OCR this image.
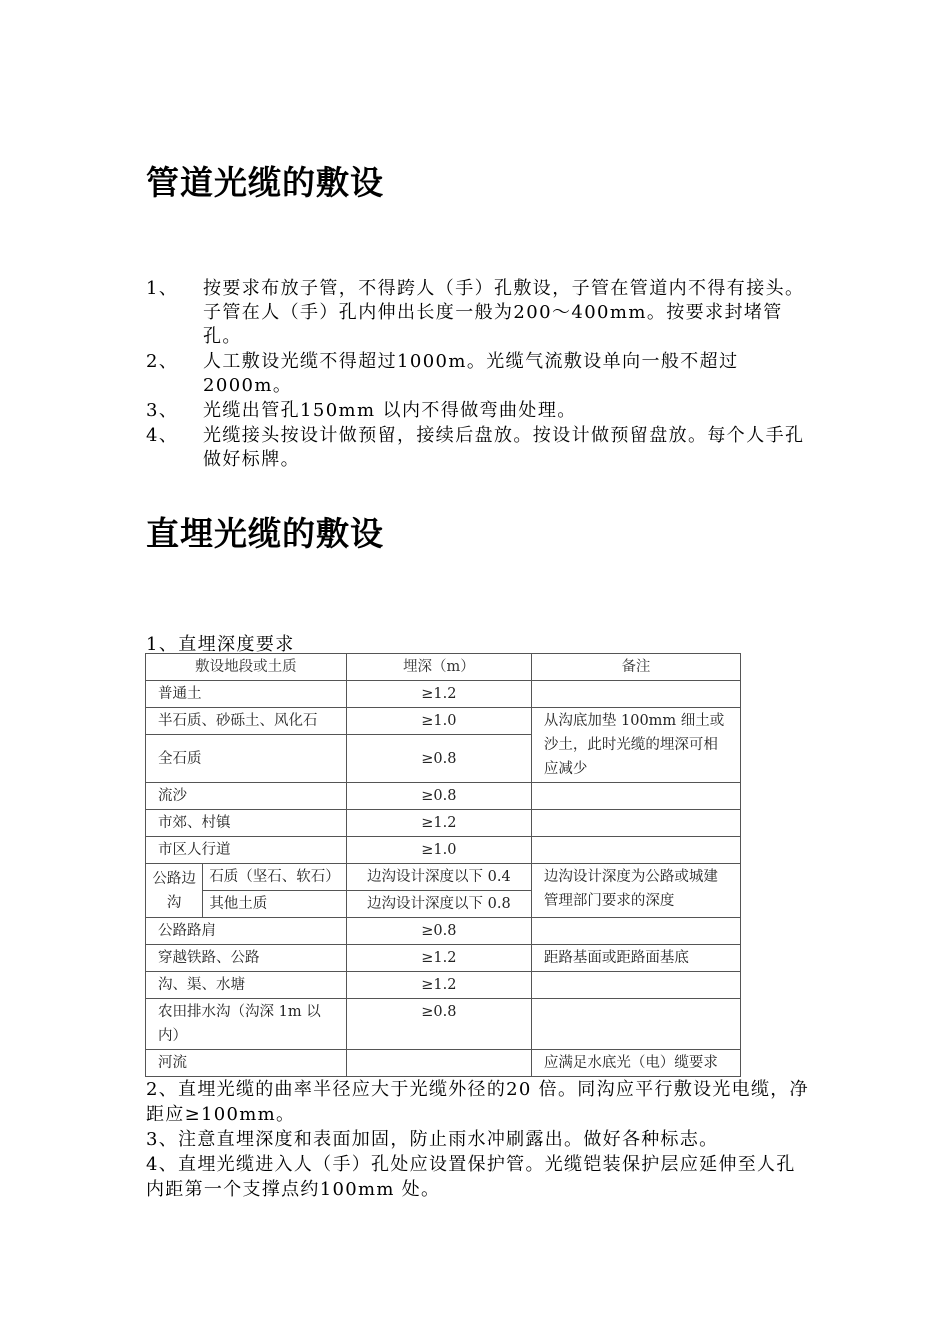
管道光缆的敷设
1、	按要求布放子管，不得跨人（手）孔敷设，子管在管道内不得有接头。子管在人（手）孔内伸出长度一般为200～400mm。按要求封堵管孔。
2、	人工敷设光缆不得超过1000m。光缆气流敷设单向一般不超过2000m。
3、	光缆出管孔150mm 以内不得做弯曲处理。
4、	光缆接头按设计做预留，接续后盘放。按设计做预留盘放。每个人手孔做好标牌。
直埋光缆的敷设
1、直埋深度要求
敷设地段或土质		埋深（m）	备注
普通土		≥1.2	
半石质、砂砾土、风化石		≥1.0	从沟底加垫 100mm 细土或沙土，此时光缆的埋深可相应减少
全石质		≥0.8	
流沙		≥0.8	
市郊、村镇		≥1.2	
市区人行道		≥1.0	
公路边沟	石质（坚石、软石）	边沟设计深度以下 0.4	边沟设计深度为公路或城建管理部门要求的深度
	其他土质	边沟设计深度以下 0.8	
公路路肩		≥0.8	
穿越铁路、公路		≥1.2	距路基面或距路面基底
沟、渠、水塘		≥1.2	
农田排水沟（沟深 1m 以内）		≥0.8	
河流			应满足水底光（电）缆要求
2、直埋光缆的曲率半径应大于光缆外径的20 倍。同沟应平行敷设光电缆，净距应≥100mm。
3、注意直埋深度和表面加固，防止雨水冲刷露出。做好各种标志。
4、直埋光缆进入人（手）孔处应设置保护管。光缆铠装保护层应延伸至人孔内距第一个支撑点约100mm 处。
